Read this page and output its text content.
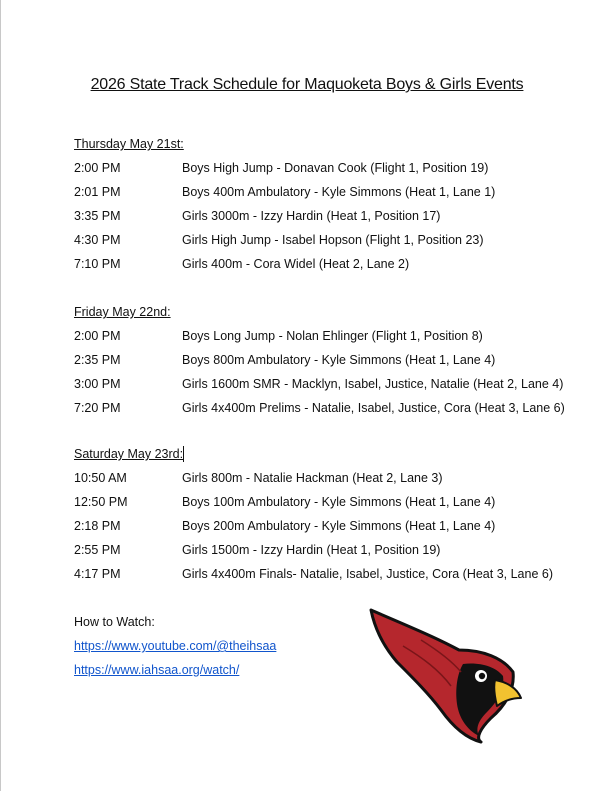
2026 State Track Schedule for Maquoketa Boys & Girls Events
Thursday May 21st:
2:00 PM	Boys High Jump - Donavan Cook (Flight 1, Position 19)
2:01 PM	Boys 400m Ambulatory - Kyle Simmons (Heat 1, Lane 1)
3:35 PM	Girls 3000m - Izzy Hardin (Heat 1, Position 17)
4:30 PM	Girls High Jump - Isabel Hopson (Flight 1, Position 23)
7:10 PM	Girls 400m - Cora Widel (Heat 2, Lane 2)
Friday May 22nd:
2:00 PM	Boys Long Jump - Nolan Ehlinger (Flight 1, Position 8)
2:35 PM	Boys 800m Ambulatory - Kyle Simmons (Heat 1, Lane 4)
3:00 PM	Girls 1600m SMR - Macklyn, Isabel, Justice, Natalie (Heat 2, Lane 4)
7:20 PM	Girls 4x400m Prelims - Natalie, Isabel, Justice, Cora (Heat 3, Lane 6)
Saturday May 23rd:
10:50 AM	Girls 800m - Natalie Hackman (Heat 2, Lane 3)
12:50 PM	Boys 100m Ambulatory - Kyle Simmons (Heat 1, Lane 4)
2:18 PM	Boys 200m Ambulatory - Kyle Simmons (Heat 1, Lane 4)
2:55 PM	Girls 1500m - Izzy Hardin (Heat 1, Position 19)
4:17 PM	Girls 4x400m Finals- Natalie, Isabel, Justice, Cora (Heat 3, Lane 6)
How to Watch:
https://www.youtube.com/@theihsaa
https://www.iahsaa.org/watch/
